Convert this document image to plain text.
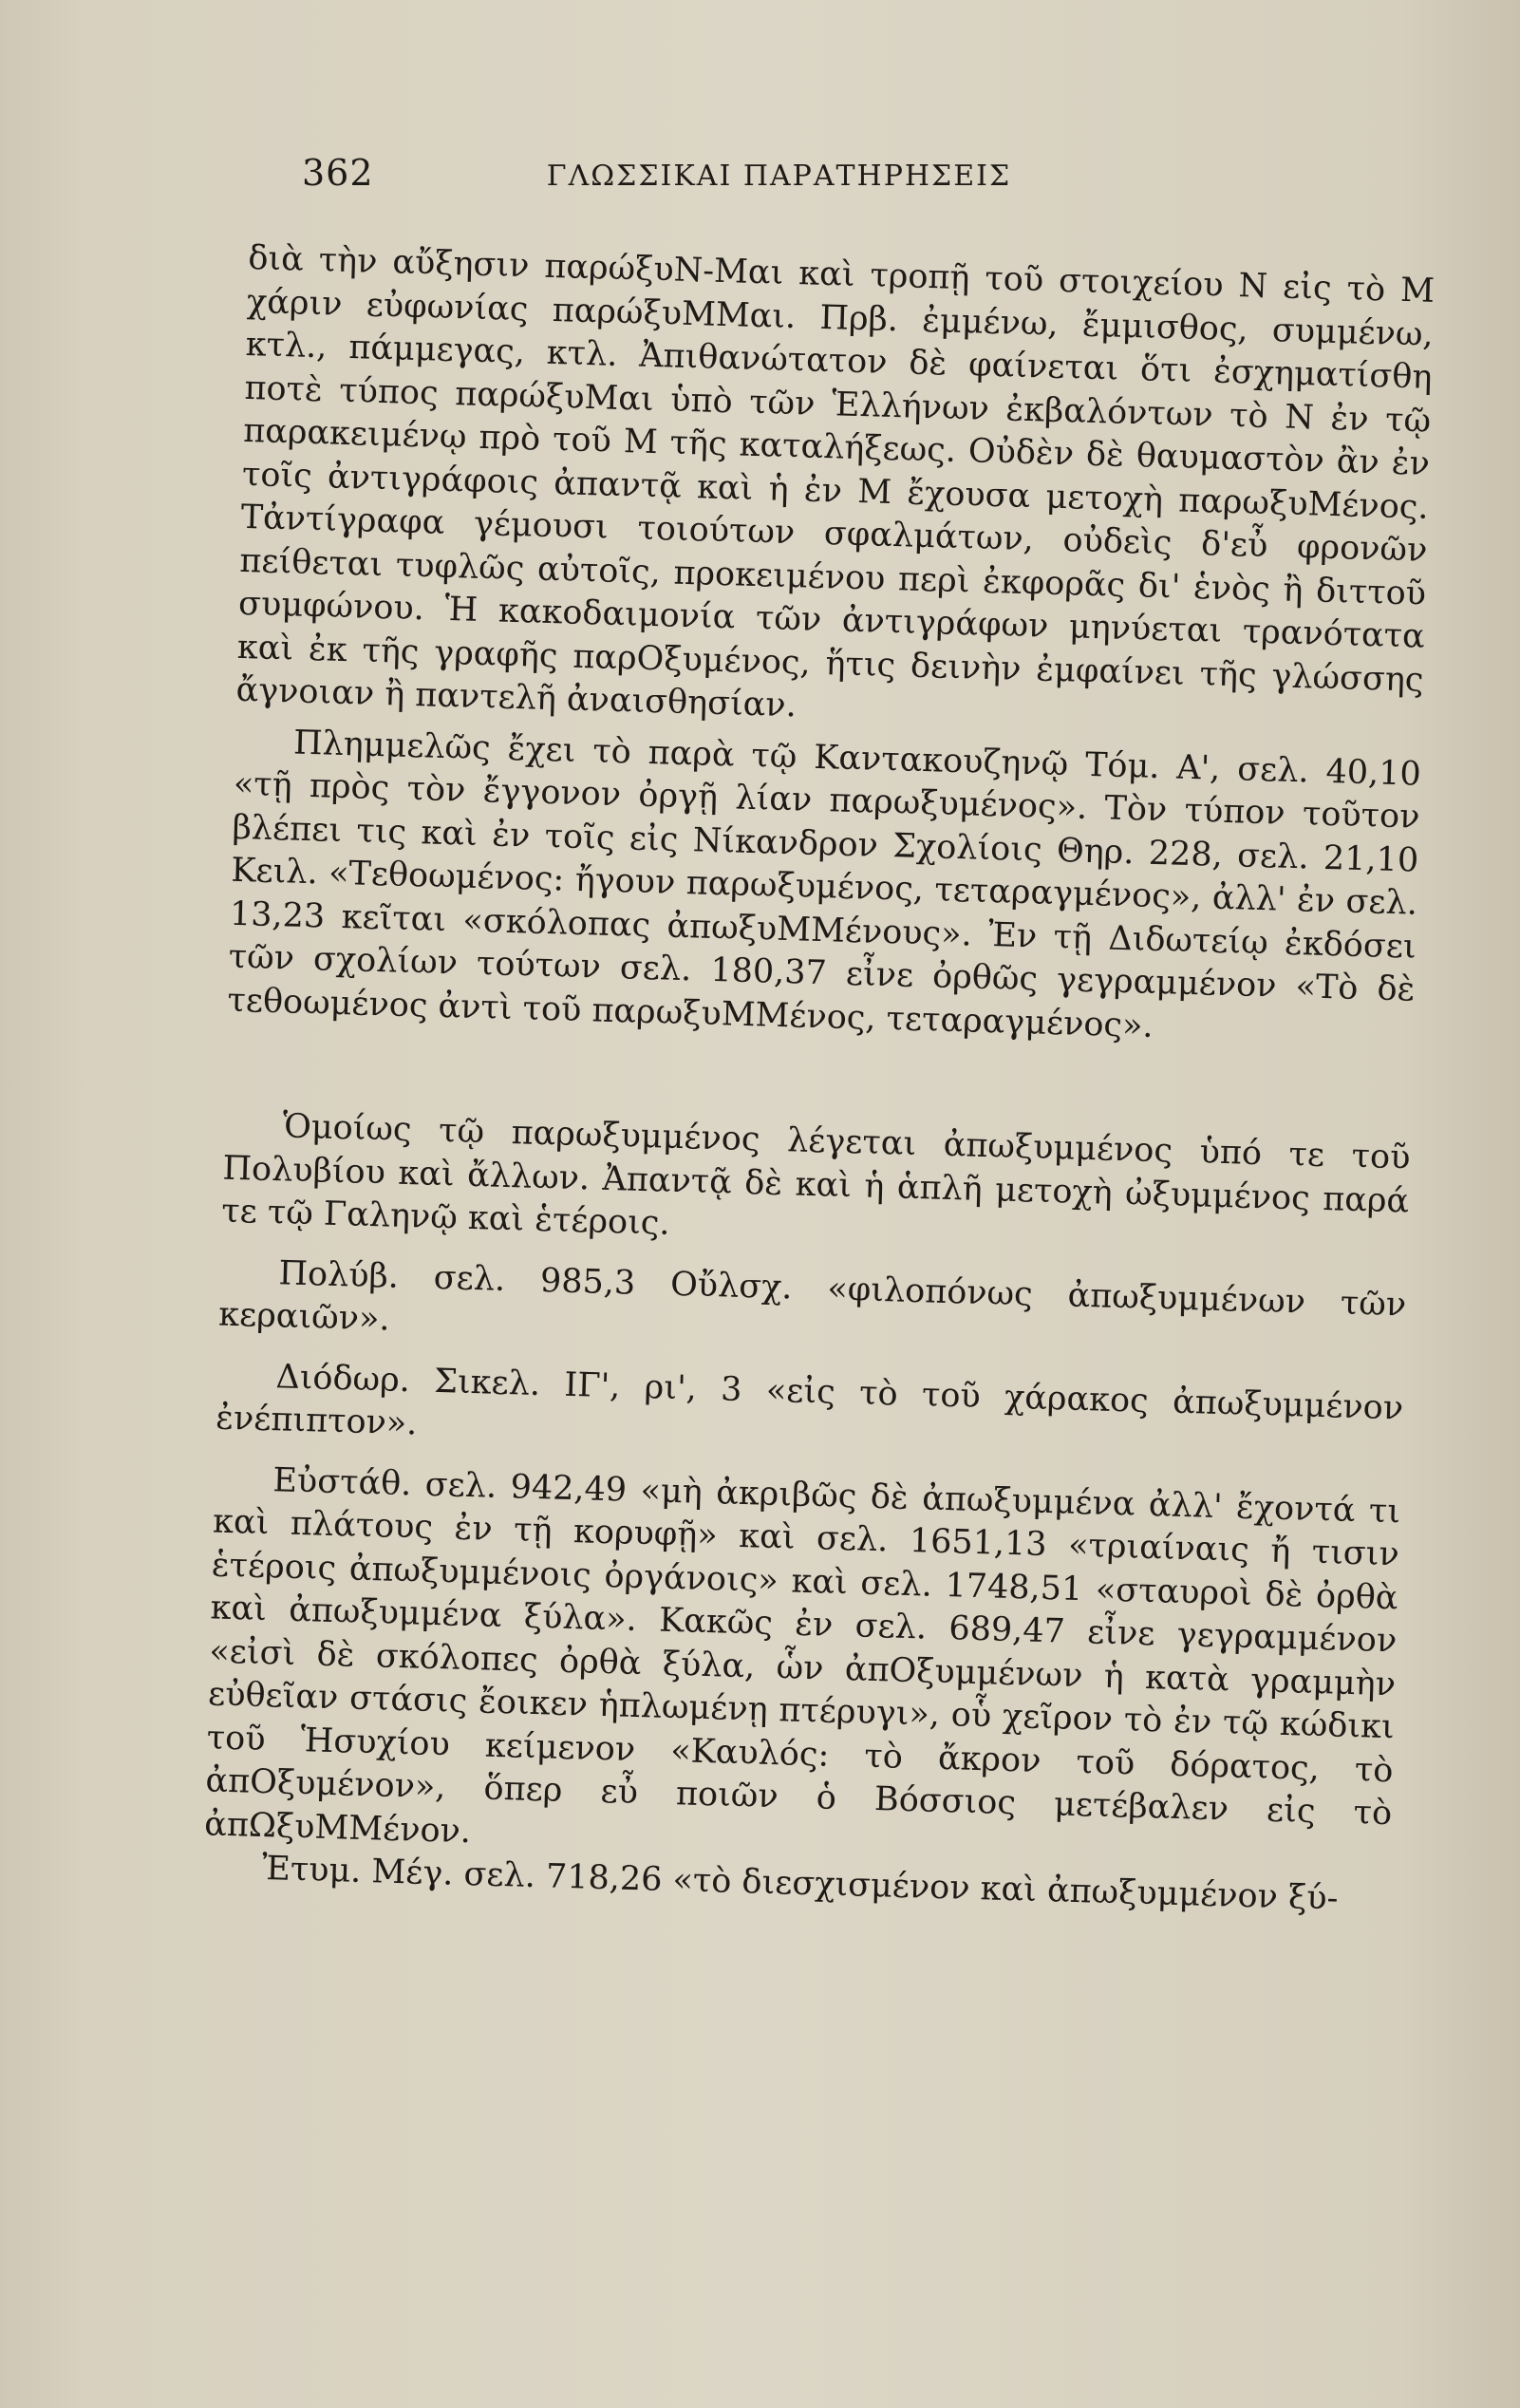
362	ΓΛΩΣΣΙΚΑΙ ΠΑΡΑΤΗΡΗΣΕΙΣ

διὰ τὴν αὔξησιν παρώξυΝ-Μαι καὶ τροπῇ τοῦ στοιχείου Ν εἰς τὸ Μ χάριν εὐφωνίας παρώξυΜΜαι. Πρβ. ἐμμένω, ἔμμισθος, συμμένω, κτλ., πάμμεγας, κτλ. Ἀπιθανώτατον δὲ φαίνεται ὅτι ἐσχηματίσθη ποτὲ τύπος παρώξυΜαι ὑπὸ τῶν Ἑλλήνων ἐκβαλόντων τὸ Ν ἐν τῷ παρακειμένῳ πρὸ τοῦ Μ τῆς καταλήξεως. Οὐδὲν δὲ θαυμαστὸν ἂν ἐν τοῖς ἀντιγράφοις ἀπαντᾷ καὶ ἡ ἐν Μ ἔχουσα μετοχὴ παρωξυΜένος. Τἀντίγραφα γέμουσι τοιούτων σφαλμάτων, οὐδεὶς δ'εὖ φρονῶν πείθεται τυφλῶς αὐτοῖς, προκειμένου περὶ ἐκφορᾶς δι' ἑνὸς ἢ διττοῦ συμφώνου. Ἡ κακοδαιμονία τῶν ἀντιγράφων μηνύεται τρανότατα καὶ ἐκ τῆς γραφῆς παρΟξυμένος, ἥτις δεινὴν ἐμφαίνει τῆς γλώσσης ἄγνοιαν ἢ παντελῆ ἀναισθησίαν.

Πλημμελῶς ἔχει τὸ παρὰ τῷ Καντακουζηνῷ Τόμ. Α', σελ. 40,10 «τῇ πρὸς τὸν ἔγγονον ὀργῇ λίαν παρωξυμένος». Τὸν τύπον τοῦτον βλέπει τις καὶ ἐν τοῖς εἰς Νίκανδρον Σχολίοις Θηρ. 228, σελ. 21,10 Κειλ. «Τεθοωμένος: ἤγουν παρωξυμένος, τεταραγμένος», ἀλλ' ἐν σελ. 13,23 κεῖται «σκόλοπας ἀπωξυΜΜένους». Ἐν τῇ Διδωτείῳ ἐκδόσει τῶν σχολίων τούτων σελ. 180,37 εἶνε ὀρθῶς γεγραμμένον «Τὸ δὲ τεθοωμένος ἀντὶ τοῦ παρωξυΜΜένος, τεταραγμένος».

Ὁμοίως τῷ παρωξυμμένος λέγεται ἀπωξυμμένος ὑπό τε τοῦ Πολυβίου καὶ ἄλλων. Ἀπαντᾷ δὲ καὶ ἡ ἁπλῆ μετοχὴ ὠξυμμένος παρά τε τῷ Γαληνῷ καὶ ἑτέροις.

Πολύβ. σελ. 985,3 Οὔλσχ. «φιλοπόνως ἀπωξυμμένων τῶν κεραιῶν».

Διόδωρ. Σικελ. ΙΓ', ρι', 3 «εἰς τὸ τοῦ χάρακος ἀπωξυμμένον ἐνέπιπτον».

Εὐστάθ. σελ. 942,49 «μὴ ἀκριβῶς δὲ ἀπωξυμμένα ἀλλ' ἔχοντά τι καὶ πλάτους ἐν τῇ κορυφῇ» καὶ σελ. 1651,13 «τριαίναις ἤ τισιν ἑτέροις ἀπωξυμμένοις ὀργάνοις» καὶ σελ. 1748,51 «σταυροὶ δὲ ὀρθὰ καὶ ἀπωξυμμένα ξύλα». Κακῶς ἐν σελ. 689,47 εἶνε γεγραμμένον «εἰσὶ δὲ σκόλοπες ὀρθὰ ξύλα, ὧν ἀπΟξυμμένων ἡ κατὰ γραμμὴν εὐθεῖαν στάσις ἔοικεν ἡπλωμένῃ πτέρυγι», οὗ χεῖρον τὸ ἐν τῷ κώδικι τοῦ Ἡσυχίου κείμενον «Καυλός: τὸ ἄκρον τοῦ δόρατος, τὸ ἀπΟξυμένον», ὅπερ εὖ ποιῶν ὁ Βόσσιος μετέβαλεν εἰς τὸ ἀπΩξυΜΜένον.

Ἐτυμ. Μέγ. σελ. 718,26 «τὸ διεσχισμένον καὶ ἀπωξυμμένον ξύ-
